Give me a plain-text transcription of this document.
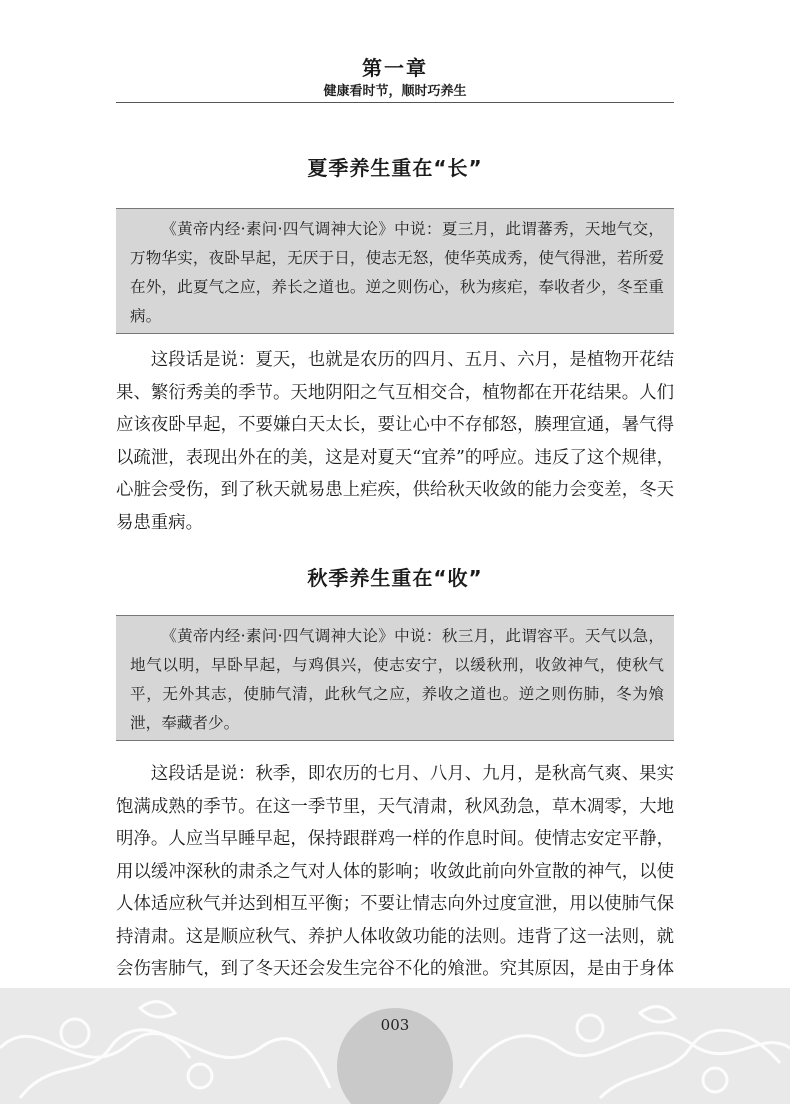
第一章
健康看时节，顺时巧养生
夏季养生重在“长”
《黄帝内经·素问·四气调神大论》中说：夏三月，此谓蕃秀，天地气交，万物华实，夜卧早起，无厌于日，使志无怒，使华英成秀，使气得泄，若所爱在外，此夏气之应，养长之道也。逆之则伤心，秋为痎疟，奉收者少，冬至重病。

这段话是说：夏天，也就是农历的四月、五月、六月，是植物开花结果、繁衍秀美的季节。天地阴阳之气互相交合，植物都在开花结果。人们应该夜卧早起，不要嫌白天太长，要让心中不存郁怒，腠理宣通，暑气得以疏泄，表现出外在的美，这是对夏天“宜养”的呼应。违反了这个规律，心脏会受伤，到了秋天就易患上疟疾，供给秋天收敛的能力会变差，冬天易患重病。

秋季养生重在“收”
《黄帝内经·素问·四气调神大论》中说：秋三月，此谓容平。天气以急，地气以明，早卧早起，与鸡俱兴，使志安宁，以缓秋刑，收敛神气，使秋气平，无外其志，使肺气清，此秋气之应，养收之道也。逆之则伤肺，冬为飧泄，奉藏者少。

这段话是说：秋季，即农历的七月、八月、九月，是秋高气爽、果实饱满成熟的季节。在这一季节里，天气清肃，秋风劲急，草木凋零，大地明净。人应当早睡早起，保持跟群鸡一样的作息时间。使情志安定平静，用以缓冲深秋的肃杀之气对人体的影响；收敛此前向外宣散的神气，以使人体适应秋气并达到相互平衡；不要让情志向外过度宣泄，用以使肺气保持清肃。这是顺应秋气、养护人体收敛功能的法则。违背了这一法则，就会伤害肺气，到了冬天还会发生完谷不化的飧泄。究其原因，是由于身体

003
